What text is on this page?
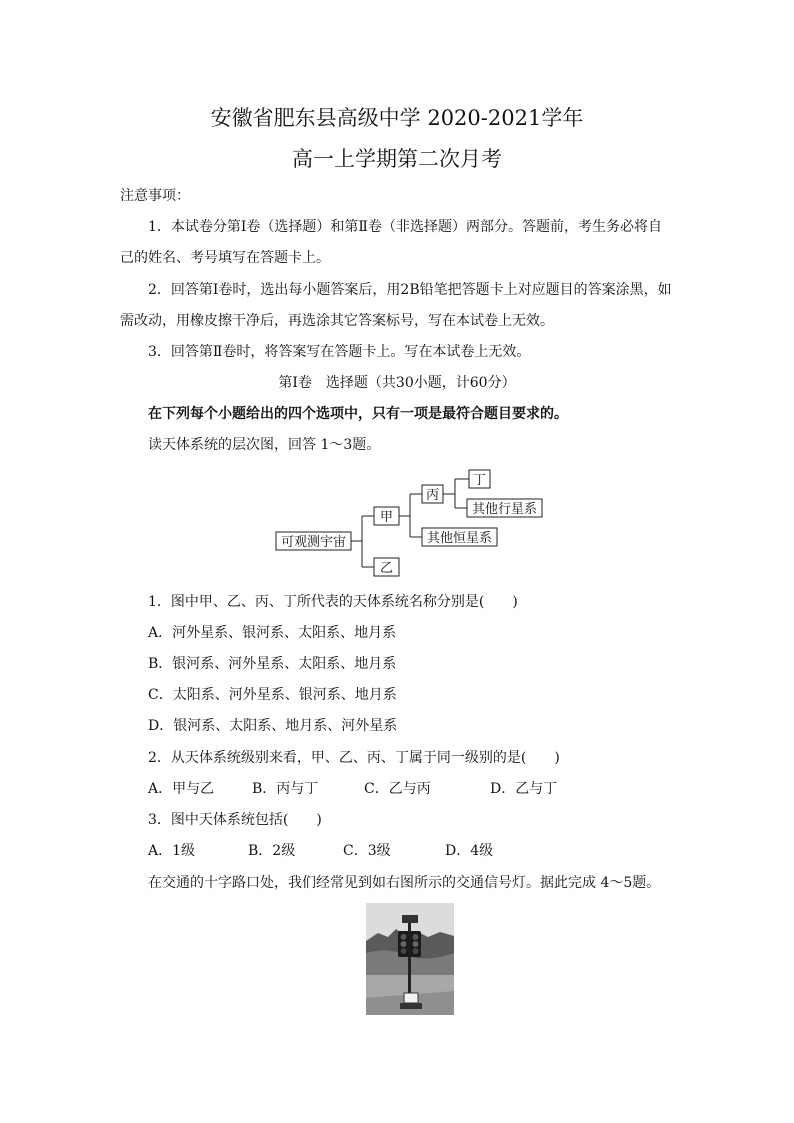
安徽省肥东县高级中学 2020-2021学年
高一上学期第二次月考
注意事项：
1．本试卷分第Ⅰ卷（选择题）和第Ⅱ卷（非选择题）两部分。答题前，考生务必将自
己的姓名、考号填写在答题卡上。
2．回答第Ⅰ卷时，选出每小题答案后，用2B铅笔把答题卡上对应题目的答案涂黑，如
需改动，用橡皮擦干净后，再选涂其它答案标号，写在本试卷上无效。
3．回答第Ⅱ卷时，将答案写在答题卡上。写在本试卷上无效。
第Ⅰ卷　选择题（共30小题，计60分）
在下列每个小题给出的四个选项中，只有一项是最符合题目要求的。
读天体系统的层次图，回答 1～3题。
可观测宇宙
甲
乙
丙
丁
其他行星系
其他恒星系
1．图中甲、乙、丙、丁所代表的天体系统名称分别是(　　)
A．河外星系、银河系、太阳系、地月系
B．银河系、河外星系、太阳系、地月系
C．太阳系、河外星系、银河系、地月系
D．银河系、太阳系、地月系、河外星系
2．从天体系统级别来看，甲、乙、丙、丁属于同一级别的是(　　)
A．甲与乙	B．丙与丁	C．乙与丙	D．乙与丁
3．图中天体系统包括(　　)
A．1级	B．2级	C．3级	D．4级
在交通的十字路口处，我们经常见到如右图所示的交通信号灯。据此完成 4～5题。
